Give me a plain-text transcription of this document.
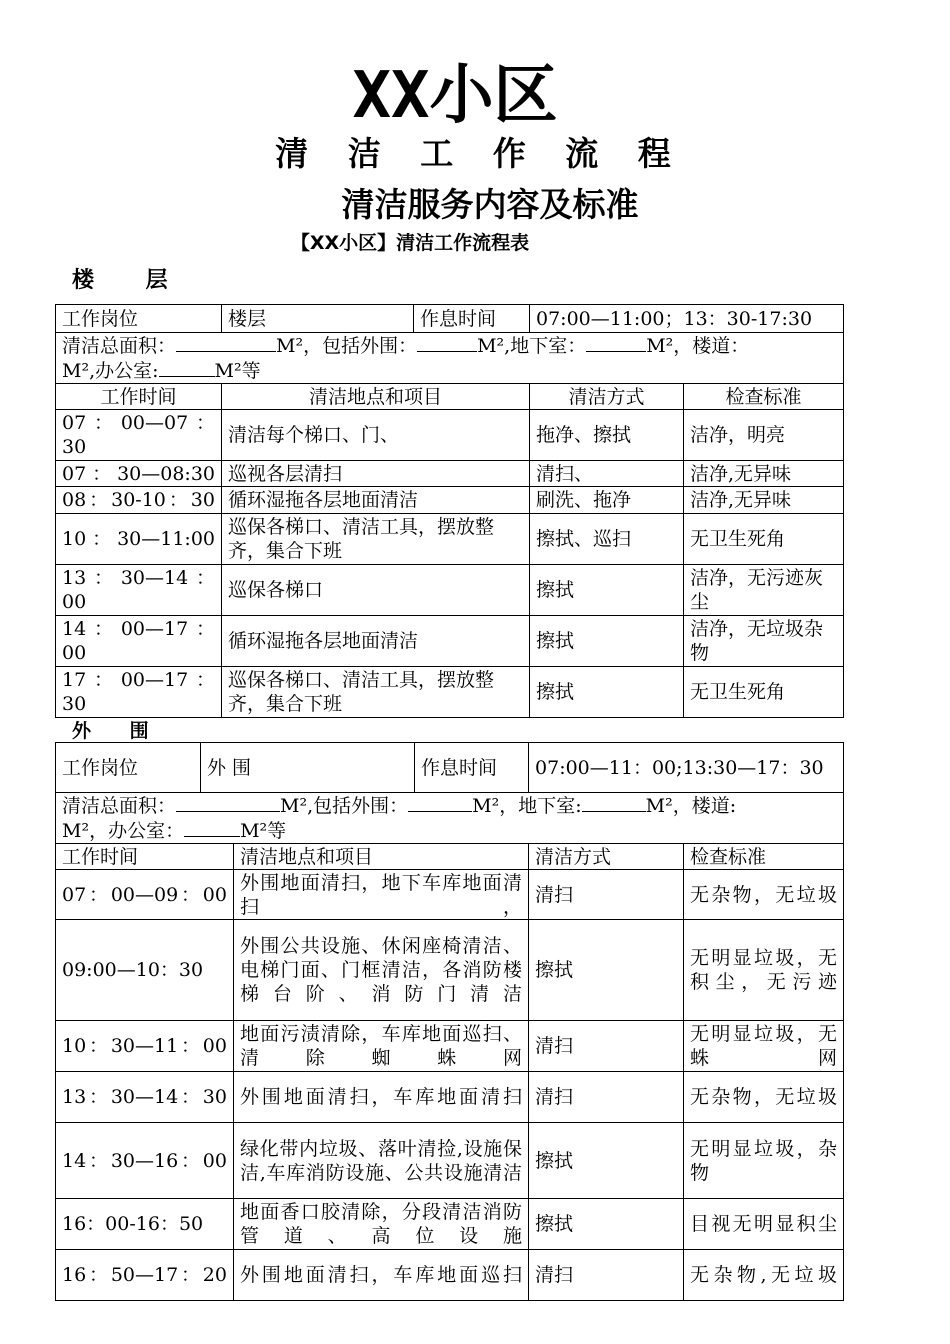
XX小区
清 洁 工 作 流 程
清洁服务内容及标准
【XX小区】清洁工作流程表
楼 层
工作岗位	楼层	作息时间	07:00—11:00；13：30-17:30	
清洁总面积： M²，包括外围： M²,地下室： M²，楼道：
M²,办公室: M²等				
工作时间	清洁地点和项目		清洁方式	检查标准
07：00—07：30	清洁每个梯口、门、		拖净、擦拭	洁净，明亮
07：30—08:30	巡视各层清扫		清扫、	洁净,无异味
08：30-10：30	循环湿拖各层地面清洁		刷洗、拖净	洁净,无异味
10：30—11:00	巡保各梯口、清洁工具，摆放整齐，集合下班		擦拭、巡扫	无卫生死角
13：30—14：00	巡保各梯口		擦拭	洁净，无污迹灰尘
14：00—17：00	循环湿拖各层地面清洁		擦拭	洁净，无垃圾杂物
17：00—17：30	巡保各梯口、清洁工具，摆放整齐，集合下班		擦拭	无卫生死角
外 围
工作岗位	外 围		作息时间	07:00—11：00;13:30—17：30	
清洁总面积： M²,包括外围： M²，地下室: M²，楼道:
M²，办公室： M²等					
工作时间		清洁地点和项目		清洁方式	检查标准
07：00—09：00		外围地面清扫，地下车库地面清扫，		清扫	无杂物，无垃圾
09:00—10：30		外围公共设施、休闲座椅清洁、电梯门面、门框清洁，各消防楼梯台阶、消防门清洁		擦拭	无明显垃圾，无积尘，无污迹
10：30—11：00		地面污渍清除，车库地面巡扫、清除蜘蛛网		清扫	无明显垃圾，无蛛网
13：30—14：30		外围地面清扫，车库地面清扫		清扫	无杂物，无垃圾
14：30—16：00		绿化带内垃圾、落叶清捡,设施保洁,车库消防设施、公共设施清洁		擦拭	无明显垃圾，杂物
16：00-16：50		地面香口胶清除，分段清洁消防管道、高位设施		擦拭	目视无明显积尘
16：50—17：20		外围地面清扫，车库地面巡扫		清扫	无杂物,无垃圾
